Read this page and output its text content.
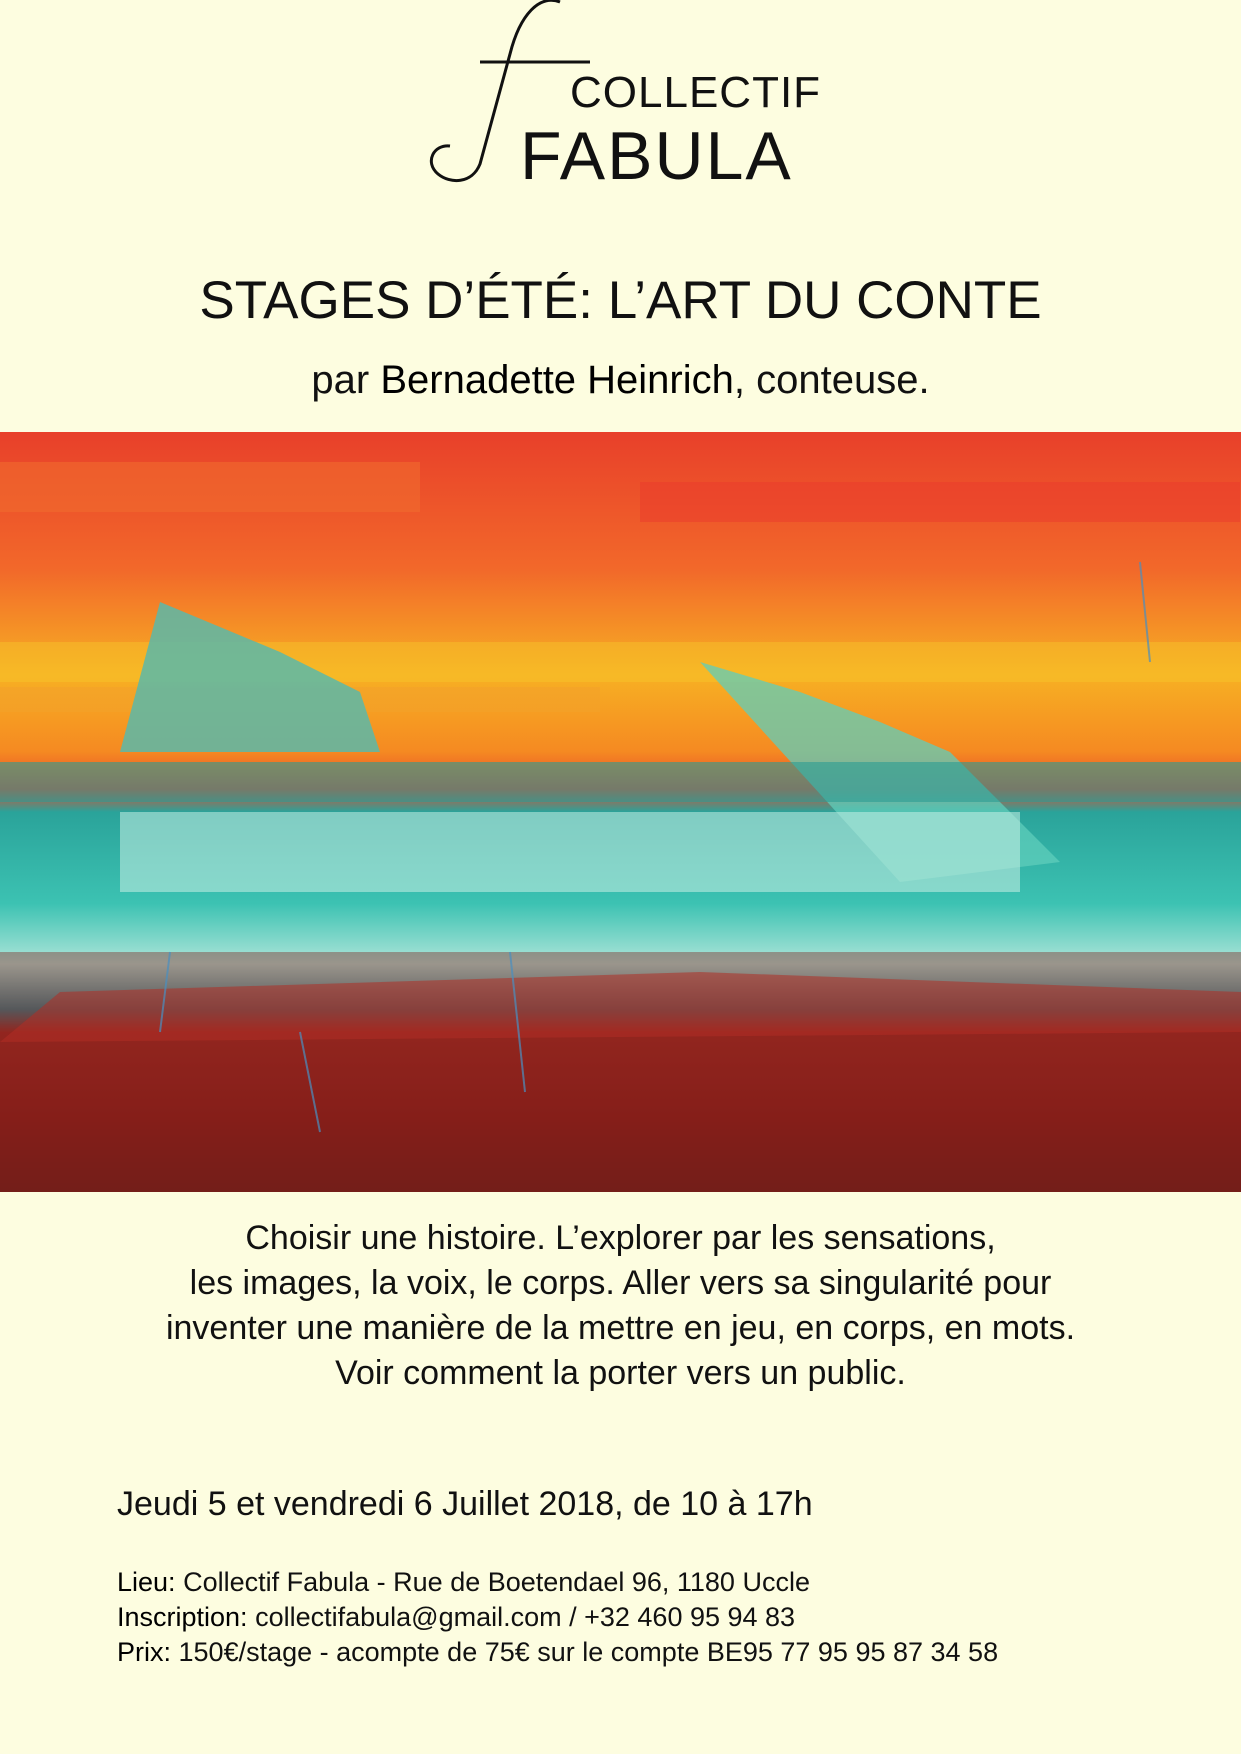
COLLECTIF
FABULA
STAGES D’ÉTÉ: L’ART DU CONTE
par Bernadette Heinrich, conteuse.
Choisir une histoire. L’explorer par les sensations,
les images, la voix, le corps. Aller vers sa singularité pour
inventer une manière de la mettre en jeu, en corps, en mots.
Voir comment la porter vers un public.
Jeudi 5 et vendredi 6 Juillet 2018, de 10 à 17h
Lieu: Collectif Fabula - Rue de Boetendael 96, 1180 Uccle
Inscription: collectifabula@gmail.com / +32 460 95 94 83
Prix: 150€/stage - acompte de 75€ sur le compte BE95 77 95 95 87 34 58
